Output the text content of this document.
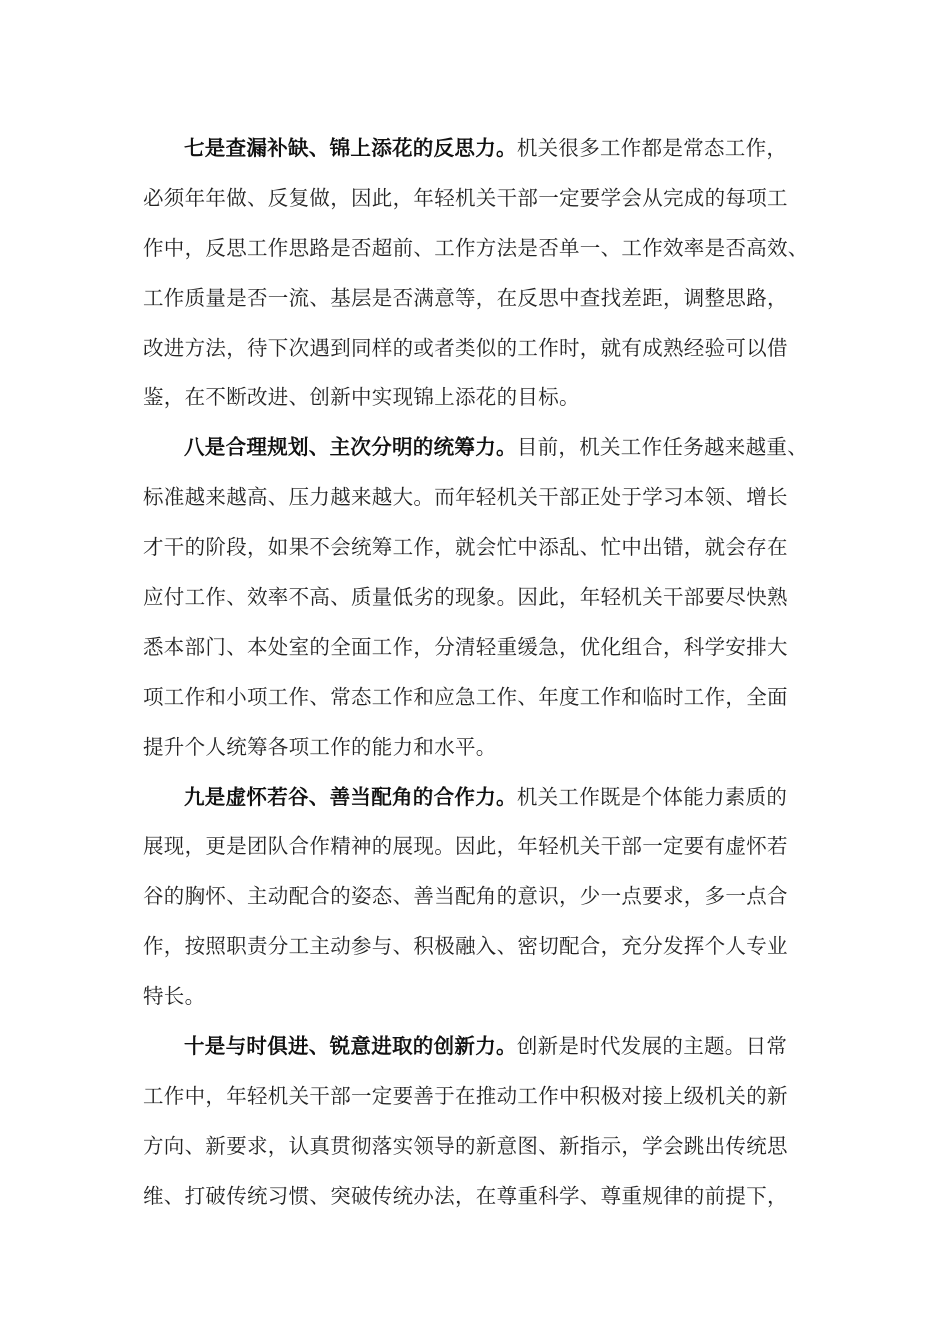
七是查漏补缺、锦上添花的反思力。机关很多工作都是常态工作，
必须年年做、反复做，因此，年轻机关干部一定要学会从完成的每项工
作中，反思工作思路是否超前、工作方法是否单一、工作效率是否高效、
工作质量是否一流、基层是否满意等，在反思中查找差距，调整思路，
改进方法，待下次遇到同样的或者类似的工作时，就有成熟经验可以借
鉴，在不断改进、创新中实现锦上添花的目标。
八是合理规划、主次分明的统筹力。目前，机关工作任务越来越重、
标准越来越高、压力越来越大。而年轻机关干部正处于学习本领、增长
才干的阶段，如果不会统筹工作，就会忙中添乱、忙中出错，就会存在
应付工作、效率不高、质量低劣的现象。因此，年轻机关干部要尽快熟
悉本部门、本处室的全面工作，分清轻重缓急，优化组合，科学安排大
项工作和小项工作、常态工作和应急工作、年度工作和临时工作，全面
提升个人统筹各项工作的能力和水平。
九是虚怀若谷、善当配角的合作力。机关工作既是个体能力素质的
展现，更是团队合作精神的展现。因此，年轻机关干部一定要有虚怀若
谷的胸怀、主动配合的姿态、善当配角的意识，少一点要求，多一点合
作，按照职责分工主动参与、积极融入、密切配合，充分发挥个人专业
特长。
十是与时俱进、锐意进取的创新力。创新是时代发展的主题。日常
工作中，年轻机关干部一定要善于在推动工作中积极对接上级机关的新
方向、新要求，认真贯彻落实领导的新意图、新指示，学会跳出传统思
维、打破传统习惯、突破传统办法，在尊重科学、尊重规律的前提下，
